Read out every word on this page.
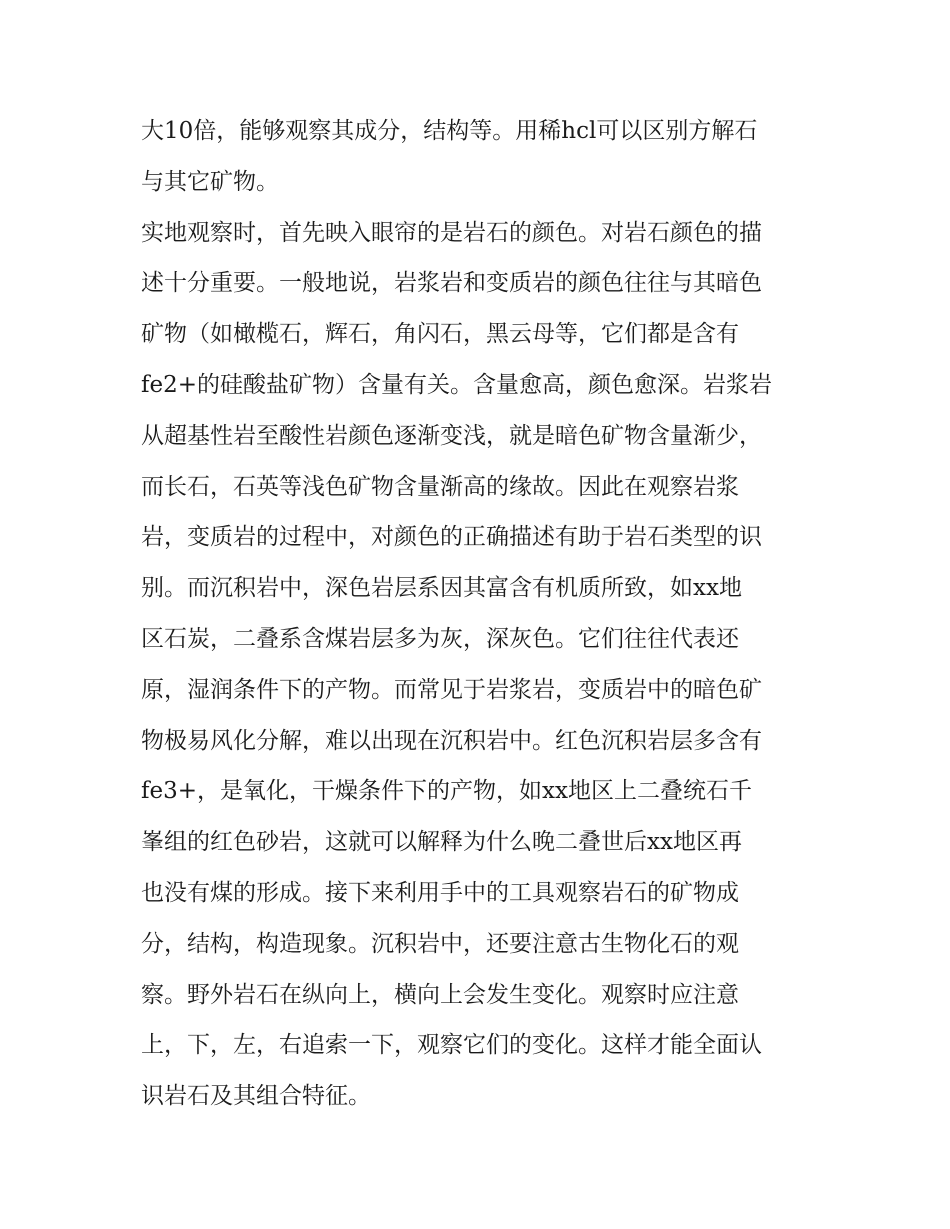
大10倍，能够观察其成分，结构等。用稀hcl可以区别方解石
与其它矿物。
实地观察时，首先映入眼帘的是岩石的颜色。对岩石颜色的描
述十分重要。一般地说，岩浆岩和变质岩的颜色往往与其暗色
矿物（如橄榄石，辉石，角闪石，黑云母等，它们都是含有
fe2+的硅酸盐矿物）含量有关。含量愈高，颜色愈深。岩浆岩
从超基性岩至酸性岩颜色逐渐变浅，就是暗色矿物含量渐少，
而长石，石英等浅色矿物含量渐高的缘故。因此在观察岩浆
岩，变质岩的过程中，对颜色的正确描述有助于岩石类型的识
别。而沉积岩中，深色岩层系因其富含有机质所致，如xx地
区石炭，二叠系含煤岩层多为灰，深灰色。它们往往代表还
原，湿润条件下的产物。而常见于岩浆岩，变质岩中的暗色矿
物极易风化分解，难以出现在沉积岩中。红色沉积岩层多含有
fe3+，是氧化，干燥条件下的产物，如xx地区上二叠统石千
峯组的红色砂岩，这就可以解释为什么晚二叠世后xx地区再
也没有煤的形成。接下来利用手中的工具观察岩石的矿物成
分，结构，构造现象。沉积岩中，还要注意古生物化石的观
察。野外岩石在纵向上，横向上会发生变化。观察时应注意
上，下，左，右追索一下，观察它们的变化。这样才能全面认
识岩石及其组合特征。
